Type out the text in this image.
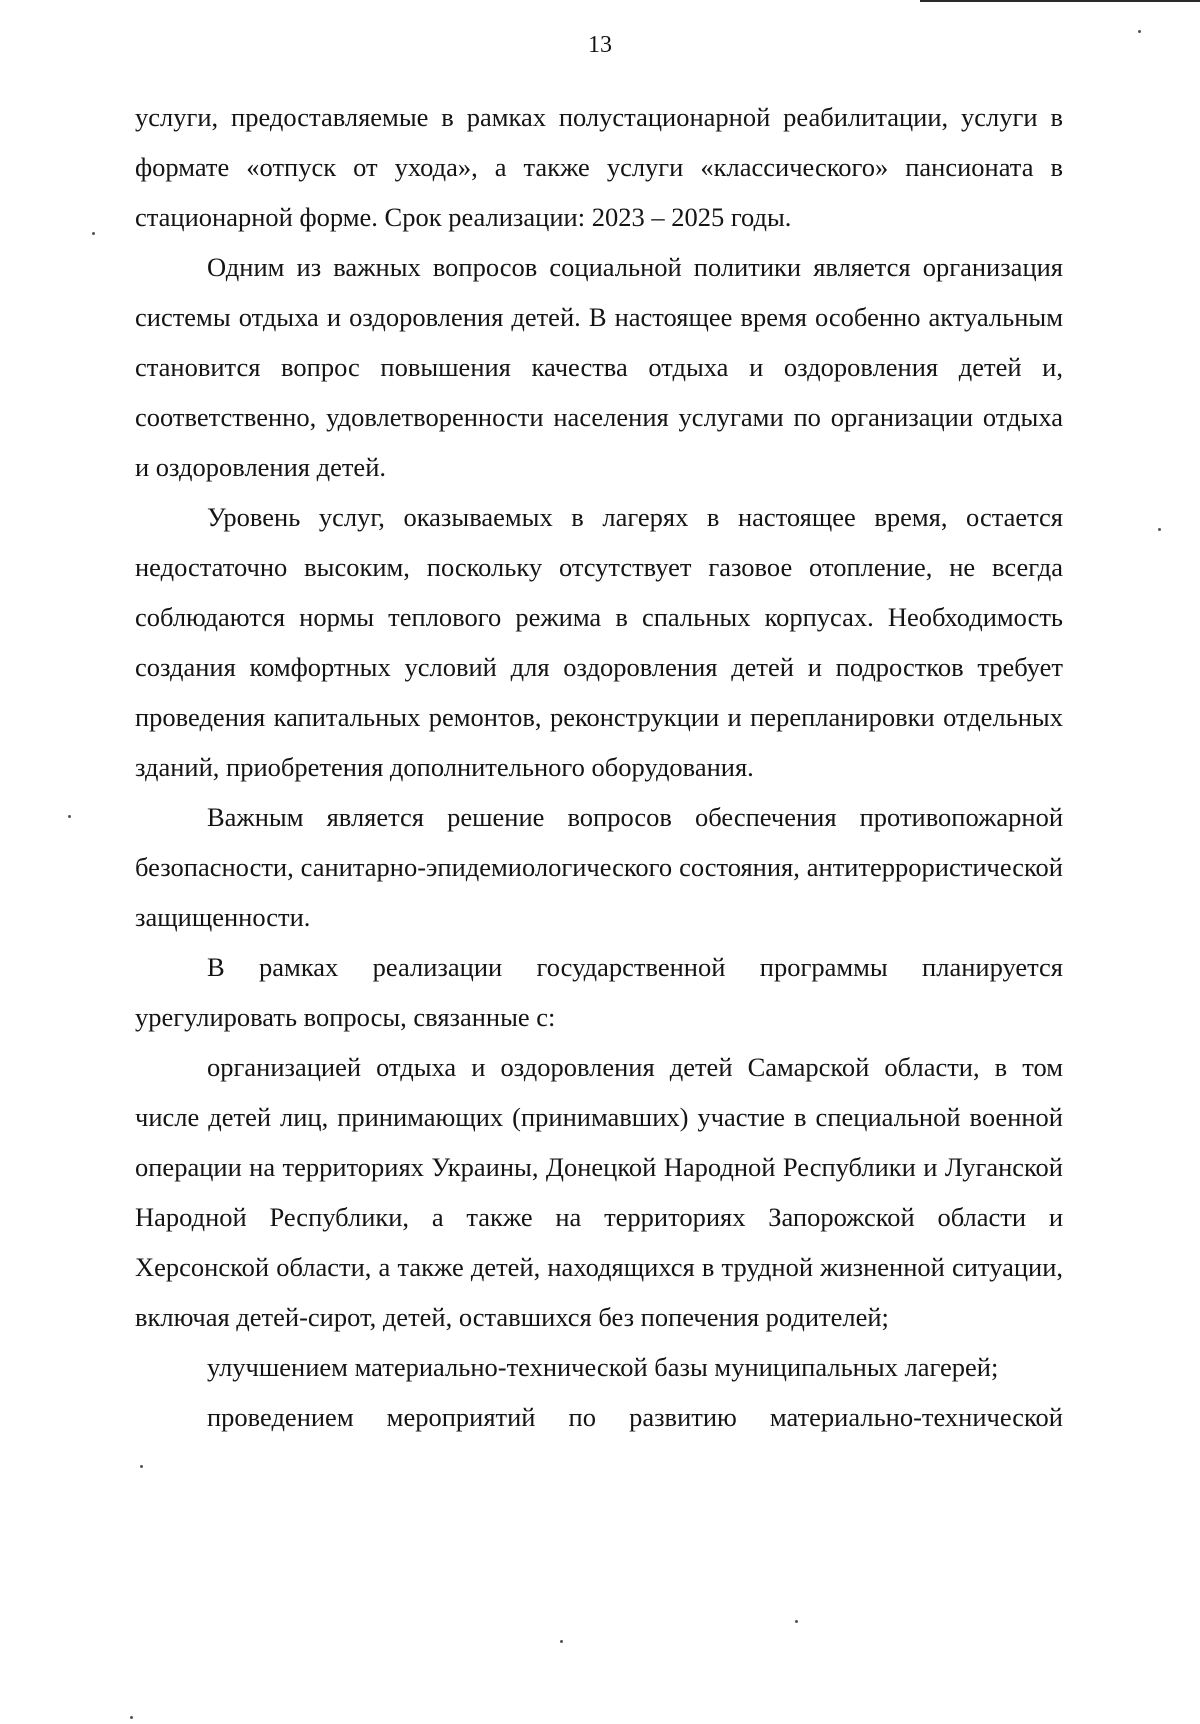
13

услуги, предоставляемые в рамках полустационарной реабилитации, услуги в формате «отпуск от ухода», а также услуги «классического» пансионата в стационарной форме. Срок реализации: 2023 – 2025 годы.

Одним из важных вопросов социальной политики является организация системы отдыха и оздоровления детей. В настоящее время особенно актуальным становится вопрос повышения качества отдыха и оздоровления детей и, соответственно, удовлетворенности населения услугами по организации отдыха и оздоровления детей.

Уровень услуг, оказываемых в лагерях в настоящее время, остается недостаточно высоким, поскольку отсутствует газовое отопление, не всегда соблюдаются нормы теплового режима в спальных корпусах. Необходимость создания комфортных условий для оздоровления детей и подростков требует проведения капитальных ремонтов, реконструкции и перепланировки отдельных зданий, приобретения дополнительного оборудования.

Важным является решение вопросов обеспечения противопожарной безопасности, санитарно-эпидемиологического состояния, антитеррористической защищенности.

В рамках реализации государственной программы планируется урегулировать вопросы, связанные с:

организацией отдыха и оздоровления детей Самарской области, в том числе детей лиц, принимающих (принимавших) участие в специальной военной операции на территориях Украины, Донецкой Народной Республики и Луганской Народной Республики, а также на территориях Запорожской области и Херсонской области, а также детей, находящихся в трудной жизненной ситуации, включая детей-сирот, детей, оставшихся без попечения родителей;

улучшением материально-технической базы муниципальных лагерей;

проведением мероприятий по развитию материально-технической
